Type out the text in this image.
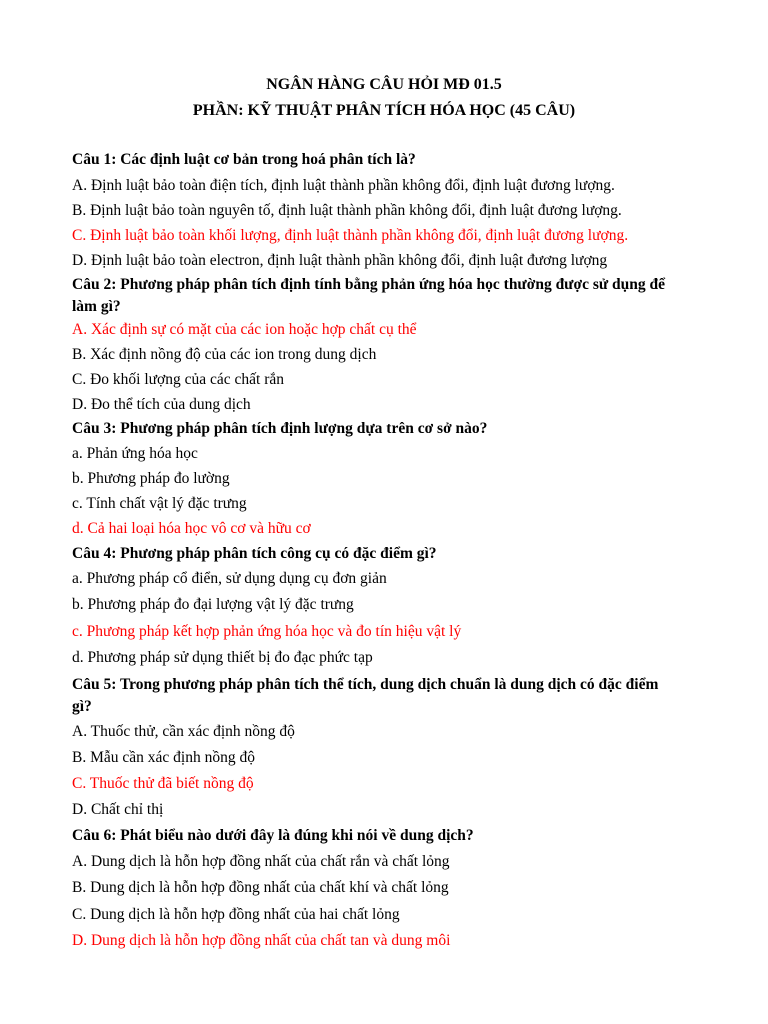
NGÂN HÀNG CÂU HỎI MĐ 01.5
PHẦN: KỸ THUẬT PHÂN TÍCH HÓA HỌC (45 CÂU)
Câu 1: Các định luật cơ bản trong hoá phân tích là?
A. Định luật bảo toàn điện tích, định luật thành phần không đổi, định luật đương lượng.
B. Định luật bảo toàn nguyên tố, định luật thành phần không đổi, định luật đương lượng.
C. Định luật bảo toàn khối lượng, định luật thành phần không đổi, định luật đương lượng.
D. Định luật bảo toàn electron, định luật thành phần không đổi, định luật đương lượng
Câu 2: Phương pháp phân tích định tính bằng phản ứng hóa học thường được sử dụng để
làm gì?
A. Xác định sự có mặt của các ion hoặc hợp chất cụ thể
B. Xác định nồng độ của các ion trong dung dịch
C. Đo khối lượng của các chất rắn
D. Đo thể tích của dung dịch
Câu 3: Phương pháp phân tích định lượng dựa trên cơ sở nào?
a. Phản ứng hóa học
b. Phương pháp đo lường
c. Tính chất vật lý đặc trưng
d. Cả hai loại hóa học vô cơ và hữu cơ
Câu 4: Phương pháp phân tích công cụ có đặc điểm gì?
a. Phương pháp cổ điển, sử dụng dụng cụ đơn giản
b. Phương pháp đo đại lượng vật lý đặc trưng
c. Phương pháp kết hợp phản ứng hóa học và đo tín hiệu vật lý
d. Phương pháp sử dụng thiết bị đo đạc phức tạp
Câu 5: Trong phương pháp phân tích thể tích, dung dịch chuẩn là dung dịch có đặc điểm
gì?
A. Thuốc thử, cần xác định nồng độ
B. Mẫu cần xác định nồng độ
C. Thuốc thử đã biết nồng độ
D. Chất chỉ thị
Câu 6: Phát biểu nào dưới đây là đúng khi nói về dung dịch?
A. Dung dịch là hỗn hợp đồng nhất của chất rắn và chất lỏng
B. Dung dịch là hỗn hợp đồng nhất của chất khí và chất lỏng
C. Dung dịch là hỗn hợp đồng nhất của hai chất lỏng
D. Dung dịch là hỗn hợp đồng nhất của chất tan và dung môi
